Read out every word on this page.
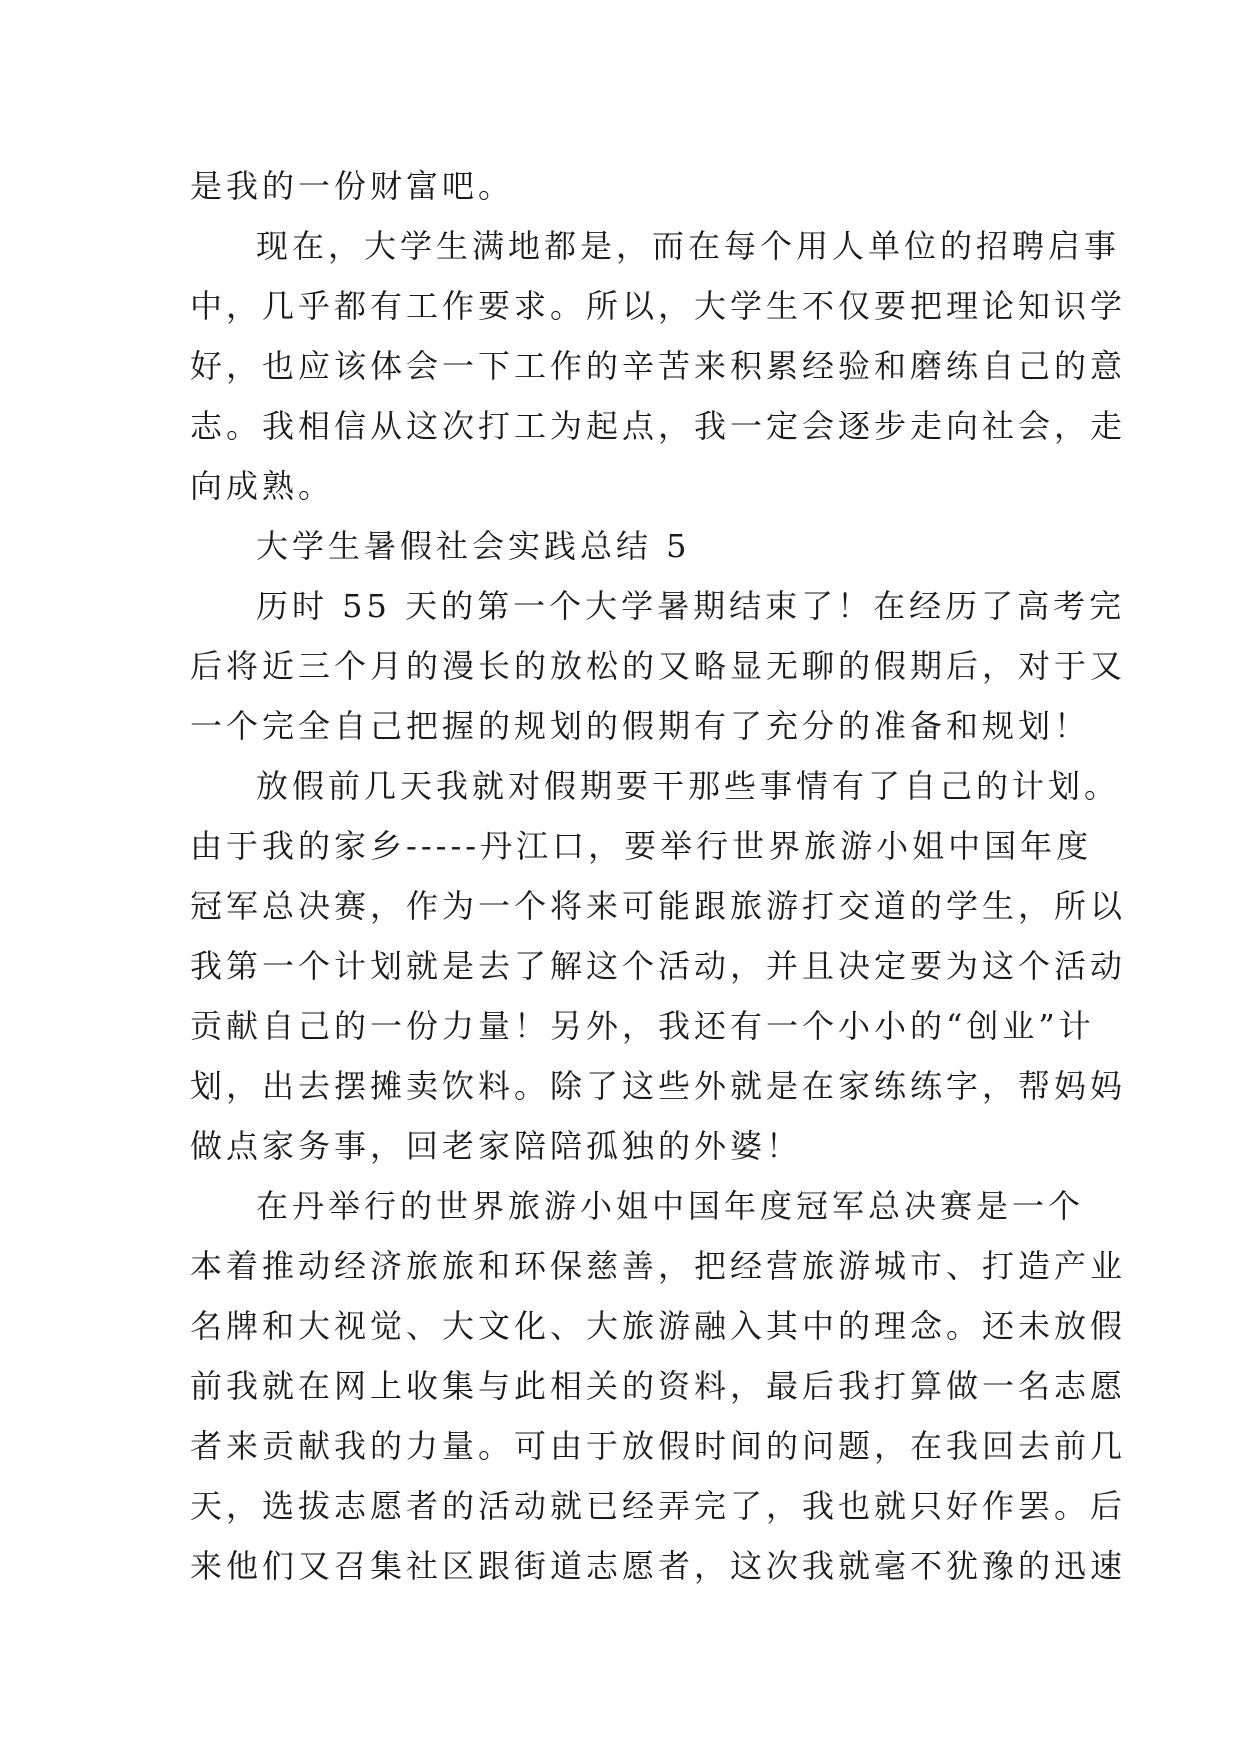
是我的一份财富吧。
现在，大学生满地都是，而在每个用人单位的招聘启事
中，几乎都有工作要求。所以，大学生不仅要把理论知识学
好，也应该体会一下工作的辛苦来积累经验和磨练自己的意
志。我相信从这次打工为起点，我一定会逐步走向社会，走
向成熟。
大学生暑假社会实践总结 5
历时 55 天的第一个大学暑期结束了！在经历了高考完
后将近三个月的漫长的放松的又略显无聊的假期后，对于又
一个完全自己把握的规划的假期有了充分的准备和规划！
放假前几天我就对假期要干那些事情有了自己的计划。
由于我的家乡-----丹江口，要举行世界旅游小姐中国年度
冠军总决赛，作为一个将来可能跟旅游打交道的学生，所以
我第一个计划就是去了解这个活动，并且决定要为这个活动
贡献自己的一份力量！另外，我还有一个小小的“创业”计
划，出去摆摊卖饮料。除了这些外就是在家练练字，帮妈妈
做点家务事，回老家陪陪孤独的外婆！
在丹举行的世界旅游小姐中国年度冠军总决赛是一个
本着推动经济旅旅和环保慈善，把经营旅游城市、打造产业
名牌和大视觉、大文化、大旅游融入其中的理念。还未放假
前我就在网上收集与此相关的资料，最后我打算做一名志愿
者来贡献我的力量。可由于放假时间的问题，在我回去前几
天，选拔志愿者的活动就已经弄完了，我也就只好作罢。后
来他们又召集社区跟街道志愿者，这次我就毫不犹豫的迅速
